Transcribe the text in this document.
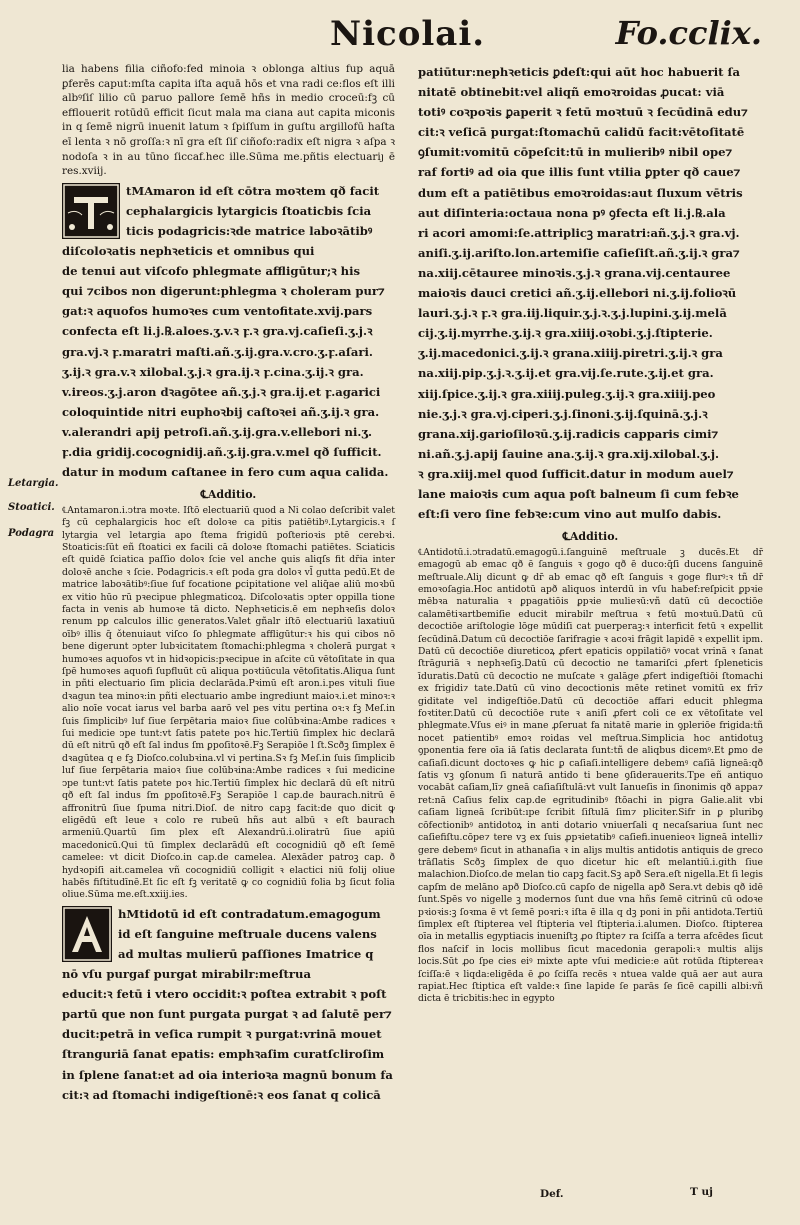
Nicolai.	Fo.cclix.
Letargia.
Stoatici.
Podagra

lia habens filia ciñofo:fed minoia ꝛ oblonga altius fup aquā ꝑferēs caput:mſta capita iſta aquā hōs et vna radi ce:flos eſt illi albꝰſiſ lilio cū paruo pallore ſemē hñs in medio croceū:fꝫ cū efflouerit rotūdū efficit ſicut mala ma ciana aut capita miconis in q ſemē nigrū inuenit latum ꝛ ſpiſſum in guſtu argillofū haſta eī lenta ꝛ nō groſſa:ꝛ nī gra eſt ſiſ ciñofo:radix eſt nigra ꝛ aſpa ꝛ nodoſa ꝛ in au tūno ſiccaf.hec ille.Sūma me.pñtis electuariȷ ē res.xviij.

tMAmaron id eſt cōtra moꝛtem qð facit
cephalargicis lytargicis ſtoaticbis ſcia
ticis podagricis:ꝛde matrice laboꝛātibꝰ
diſcoloꝛatis nephꝛeticis et omnibus qui
de tenui aut viſcofo phlegmate affligūtur;ꝛ his
qui ⁊cibos non digerunt:phlegma ꝛ choleram pur⁊
gat:ꝛ aquofos humoꝛes cum ventofitate.xvij.pars
confecta eſt li.j.℞.aloes.ʒ.v.ꝛ ꝼ.ꝛ gra.vj.caſieſi.ʒ.j.ꝛ
gra.vj.ꝛ ꝼ.maratri maſti.añ.ʒ.ij.gra.v.cro.ʒ.ꝼ.aſari.
ʒ.ij.ꝛ gra.v.ꝛ xilobal.ʒ.j.ꝛ gra.ij.ꝛ ꝼ.cina.ʒ.ij.ꝛ gra.
v.ireos.ʒ.j.aron dꝛagōtee añ.ʒ.j.ꝛ gra.ij.et ꝼ.agarici
coloquintide nitri euphoꝛbij caſtoꝛei añ.ʒ.ij.ꝛ gra.
v.alerandri apij petroſi.añ.ʒ.ij.gra.v.ellebori ni.ʒ.
ꝼ.dia gridij.cocognidij.añ.ʒ.ij.gra.v.mel qð ſufficit.
datur in modum caſtanee in fero cum aqua calida.
℄Additio.

℄Antamaron.i.ↄtra moꝛte. Iſtō electuariū quod a Ni colao deſcribit valet fꝫ cū cephalargicis hoc eſt doloꝛe ca pitis patiētibꝰ.Lytargicis.ꝛ ſ lytargia vel letargia apo ſtema frigidū poſterioꝛis ptē cerebꝛi. Stoaticis:ſūt eñ ſtoatici ex facili cā doloꝛe ſtomachi patiētes. Sciaticis eſt quidē ſciatica paſſio doloꝛ ſcie vel anche ꝗuis aliqſs fit dr̄ia inter doloꝛē anche ꝛ ſcie. Podagricis.ꝛ eſt poda gra doloꝛ vl̄ gutta pedū.Et de matrice laboꝛātibꝰ:ſiue ſuf focatione ꝑcipitatione vel aliq̄ae aliū moꝛbū ex vitio hūo rū pꝛecipue phlegmaticoꝝ. Diſcoloꝛatis ↄpter oppilla tione facta in venis ab humoꝛe tā dicto. Nephꝛeticis.ē em nephꝛeſis doloꝛ renum pꝑ calculos illic generatos.Valet gñalr iſtō electuariū laxatiuū oībꝰ illis q̄ ǒtenuiaut viſco ſo phlegmate affligūtur:ꝛ his qui cibos nō bene digerunt ↄpter lubꝛicitatem ſtomachi:phlegma ꝛ cholerā purgat ꝛ humoꝛes aquofos vt in hidꝛopicis:pꝛecipue in aſcite cū vētoſitate in qua ſpē humoꝛes aquofi ſupfluūt cū aliqua poꝛtiūcula vētoſitatis.Aliqua ſunt in pñti electuario ſim plicia declarāda.Pꝛimū eſt aron.i.pes vituli ſiue dꝛagun tea minoꝛ:in pñti electuario ambe ingrediunt maioꝛ.i.et minoꝛ:ꝛ alio noīe vocat iarus vel barba aarō vel pes vitu pertina oꝛ:ꝛ fꝫ Meſ.in ſuis ſimplicibꝰ luf ſiue ſerpētaria maioꝛ ſiue colūbꝛina:Ambe radices ꝛ ſui medicie ↄpe tunt:vt ſatis patete poꝛ hic.Tertiū ſimplex hic declarā dū eſt nitrū qð eſt ſal indus ſm ꝑpoſitoꝛē.Fꝫ Serapiōe l ſt.Scðꝫ ſimplex ē dꝛagūtea q e fꝫ Dioſco.colubꝛina.vl vi pertina.Sꝛ fꝫ Meſ.in ſuis ſimplicib luf ſiue ſerpētaria maioꝛ ſiue colūbꝛina:Ambe radices ꝛ ſui medicine ↄpe tunt:vt ſatis patete poꝛ hic.Tertiū ſimplex hic declarā dū eſt nitrū qð eſt ſal indus ſm ꝑpoſitoꝛē.Fꝫ Serapiōe l cap.de baurach.nitrū ē affronitrū ſiue ſpuma nitri.Dioſ. de nitro capꝫ facit:de quo dicit ꝙ eligēdū eſt leue ꝛ colo re rubeū hñs aut albū ꝛ eſt baurach armeniū.Quartū ſim plex eſt Alexandrū.i.oliratrū ſiue apiū macedonicū.Qui tū ſimplex declarādū eſt cocognidiū qð eſt ſemē camelee: vt dicit Dioſco.in cap.de camelea. Alexāder patroꝫ cap. ð hydꝛopiſi ait.camelea vñ cocognidiū colligit ꝛ elactici niū folij oliue habēs fiſtitudīnē.Et ſic eſt fꝫ veritatē ꝙ co cognidiū folia bꝫ ſicut folia oliue.Sūma me.eſt.xxiij.ies.

hMtidotū id eſt contradatum.emagogum
id eſt ſanguine meſtruale ducens valens
ad multas mulierū paſſiones Imatrice q
nō vſu purgaf purgat mirabilr:meſtrua
educit:ꝛ fetū i vtero occidit:ꝛ poſtea extrabit ꝛ poſt
partū que non ſunt purgata purgat ꝛ ad ſalutē per⁊
ducit:petrā in veſica rumpit ꝛ purgat:vrinā mouet
ſtranguriā ſanat epatis: emphꝛaſim curatſcliroſim
in ſplene ſanat:et ad oia interioꝛa magnū bonum fa
cit:ꝛ ad ſtomachi indigeſtionē:ꝛ eos ſanat q colicā
patiūtur:nephꝛeticis ꝑdeſt:qui aūt hoc habuerit ſa
nitatē obtinebit:vel aliqñ emoꝛroidas ꝓucat: viā
totiꝰ coꝛpoꝛis ꝑaperit ꝛ fetū moꝛtuū ꝛ ſecūdinā edu⁊
cit:ꝛ veſicā purgat:ſtomachū calidū facit:vētoſitatē
ꝯſumit:vomitū cōpeſcit:tū in mulieribꝰ nibil ope⁊
raf fortiꝰ ad oia que illis ſunt vtilia ꝑpter qð caue⁊
dum eſt a patiētibus emoꝛroidas:aut ſluxum vētris
aut diſinteria:octaua nona pꝰ ꝯfecta eſt li.j.℞.ala
ri acori amomi:ſe.attriplicꝫ maratri:añ.ʒ.j.ꝛ gra.vj.
aniſi.ʒ.ij.ariſto.lon.artemiſie caſieſiſt.añ.ʒ.ij.ꝛ gra⁊
na.xiij.cētauree minoꝛis.ʒ.j.ꝛ grana.vij.centauree
maioꝛis dauci cretici añ.ʒ.ij.ellebori ni.ʒ.ij.folioꝛū
lauri.ʒ.j.ꝛ ꝼ.ꝛ gra.iij.liquir.ʒ.j.ꝛ.ʒ.j.lupini.ʒ.ij.melā
cij.ʒ.ij.myrrhe.ʒ.ij.ꝛ gra.xiiij.oꝛobi.ʒ.j.ſtipterie.
ʒ.ij.macedonici.ʒ.ij.ꝛ grana.xiiij.piretri.ʒ.ij.ꝛ gra
na.xiij.pip.ʒ.j.ꝛ.ʒ.ij.et gra.vij.ſe.rute.ʒ.ij.et gra.
xiij.ſpice.ʒ.ij.ꝛ gra.xiiij.puleg.ʒ.ij.ꝛ gra.xiiij.peo
nie.ʒ.j.ꝛ gra.vj.ciperi.ʒ.j.ſinoni.ʒ.ij.ſquinā.ʒ.j.ꝛ
grana.xij.garioſiloꝛū.ʒ.ij.radicis capparis cimi⁊
ni.añ.ʒ.j.apij ſauine ana.ʒ.ij.ꝛ gra.xij.xilobal.ʒ.j.
ꝛ gra.xiij.mel quod ſufficit.datur in modum auel⁊
lane maioꝛis cum aqua poſt balneum ſi cum febꝛe
eſt:ſi vero ſine febꝛe:cum vino aut mulſo dabis.
℄Additio.

℄Antidotū.i.ↄtradatū.emagogū.i.ſanguinē meſtruale ꝫ ducēs.Et dr̄ emagogū ab emac qð ē ſanguis ꝛ gogo qð ē duco:q̄ſi ducens ſanguinē meſtruale.Aliȷ dicunt ꝙ dr̄ ab emac qð eſt ſanguis ꝛ goge flurꝰ:ꝛ tñ dr̄ emoꝛoſagia.Hoc antidotū apð aliquos interdū in vſu habef:reſpicit ꝑpꝛie mēbꝛa naturalia ꝛ ꝑpagatiōis ꝑpꝛie mulieꝛū:vñ datū cū decoctiōe calamētiꝛartbemiſie educit mirabilr meſtrua ꝛ fetū moꝛtuū.Datū cū decoctiōe ariſtologie lōge mūdiſi cat puerperaꝫ:ꝛ interficit fetū ꝛ expellit ſecūdinā.Datum cū decoctiōe ſarifragie ꝛ acoꝛi frāgit lapidē ꝛ expellit ipm. Datū cū decoctiōe diureticoꝝ ꝓfert epaticis oppilatiōꝰ vocat vrinā ꝛ ſanat ſtrāguriā ꝛ nephꝛeſiꝫ.Datū cū decoctio ne tamariſci ꝓfert ſpleneticis īduratis.Datū cū decoctio ne muſcate ꝛ galāge ꝓfert indigeſtiōi ſtomachi ex frigidi⁊ tate.Datū cū vino decoctionis mēte retinet vomitū ex frī⁊ giditate vel indigeſtiōe.Datū cū decoctiōe affari educit phlegma foꝛtiter.Datū cū decoctiōe rute ꝛ aniſi ꝓfert coli ce ex vētoſitate vel phlegmate.Vſus eiꝰ in mane ꝓſeruat fa nitatē marie in ꝯpleriōe frigida:tñ nocet patientibꝰ emoꝛ roidas vel meſtrua.Simplicia hoc antidotuꝫ ꝯponentia fere oīa iā ſatis declarata ſunt:tñ de aliqbus dicemꝰ.Et ꝑmo de caſiaſi.dicunt doctoꝛes ꝙ hic ꝑ caſiaſi.intelligere debemꝰ caſiā ligneā:qð ſatis vꝫ ꝯſonum ſi naturā antido ti bene ꝯſiderauerits.Tpe eñ antiquo vocabāt caſiam,lī⁊ gneā caſiaſiſtulā:vt vult Ianueſis in ſinonimis qð appa⁊ ret:nā Caſius felix cap.de egritudinibꝰ ſtōachi in pigra Galie.alit vbi caſiam ligneā ſcribūt:ıpe ſcribit ſiſtulā ſim⁊ pliciter.Sifr in ꝑ pluribꝯ cōfectionibꝰ antidotoꝝ in anti dotario vniuerſali q necaſsariua ſunt nec caſiefiſtu.cōpe⁊ tere vꝫ ex ſuis ꝓpꝛietatibꝰ caſiefi.inuenieoꝛ ligneā intelli⁊ gere debemꝰ ſicut in athanaſia ꝛ in aliȷs multis antidotis antiquis de greco trāſlatis Scðꝫ ſimplex de quo dicetur hic eſt melantiū.i.gith ſiue malachion.Dioſco.de melan tio capꝫ facit.Sꝫ apð Sera.eſt nigella.Et ſi legis capſm de melāno apð Dioſco.cū capſo de nigella apð Sera.vt debis qð idē ſunt.Spēs vo nigelle ꝫ modernos ſunt due vna hñs ſemē citrinū cū odoꝛe pꝛioꝛis:ꝫ ſoꝛma ē vt ſemē poꝛri:ꝛ iſta ē illa q dꝫ poni in pñi antidota.Tertiū ſimplex eſt ſtipterea vel ſtipteria vel ſtipteria.i.alumen. Dioſco. ſtipterea oīa in metallis egyptiacis inueniſtꝫ ꝓo ſtipte⁊ ra ſciſſa a terra afcēdes ſicut flos naſcif in locis mollibus ſicut macedonia gerapoli:ꝛ multis alijs locis.Sūt ꝓo ſpe cies eiꝰ mixte apte vſui medicie:e aūt rotūda ſtiptereaꝛ ſciſſa:ē ꝛ liqda:eligēda ē ꝓo ſciſſa recēs ꝛ ntuea valde quā aer aut aura rapiat.Hec ſtiptica eſt valde:ꝛ ſine lapide ſe parās ſe ſicē capilli albi:vñ dicta ē tricbitis:hec in egypto

Def.	T uj
